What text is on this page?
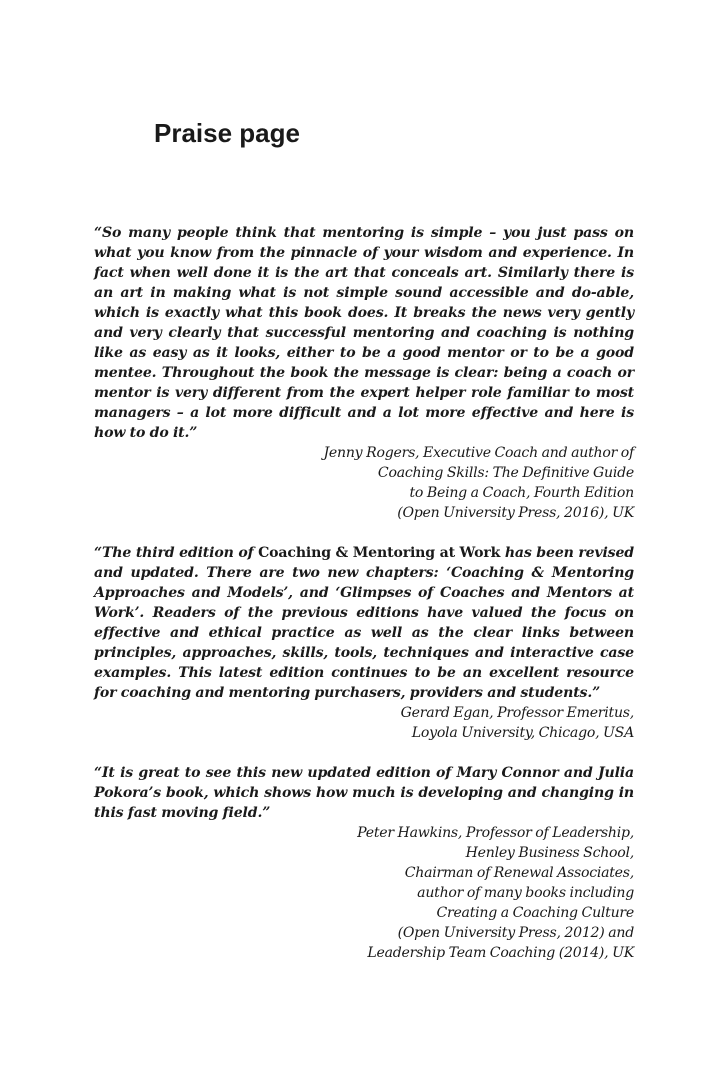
Praise page

“So many people think that mentoring is simple – you just pass on what you know from the pinnacle of your wisdom and experience. In fact when well done it is the art that conceals art. Similarly there is an art in making what is not simple sound accessible and do-able, which is exactly what this book does. It breaks the news very gently and very clearly that successful mentoring and coaching is nothing like as easy as it looks, either to be a good mentor or to be a good mentee. Throughout the book the message is clear: being a coach or mentor is very different from the expert helper role familiar to most managers – a lot more difficult and a lot more effective and here is how to do it.”

Jenny Rogers, Executive Coach and author of
Coaching Skills: The Definitive Guide
to Being a Coach, Fourth Edition
(Open University Press, 2016), UK

“The third edition of Coaching & Mentoring at Work has been revised and updated. There are two new chapters: ‘Coaching & Mentoring Approaches and Models’, and ‘Glimpses of Coaches and Mentors at Work’. Readers of the previous editions have valued the focus on effective and ethical practice as well as the clear links between principles, approaches, skills, tools, techniques and interactive case examples. This latest edition continues to be an excellent resource for coaching and mentoring purchasers, providers and students.”

Gerard Egan, Professor Emeritus,
Loyola University, Chicago, USA

“It is great to see this new updated edition of Mary Connor and Julia Pokora’s book, which shows how much is developing and changing in this fast moving field.”

Peter Hawkins, Professor of Leadership,
Henley Business School,
Chairman of Renewal Associates,
author of many books including
Creating a Coaching Culture
(Open University Press, 2012) and
Leadership Team Coaching (2014), UK
